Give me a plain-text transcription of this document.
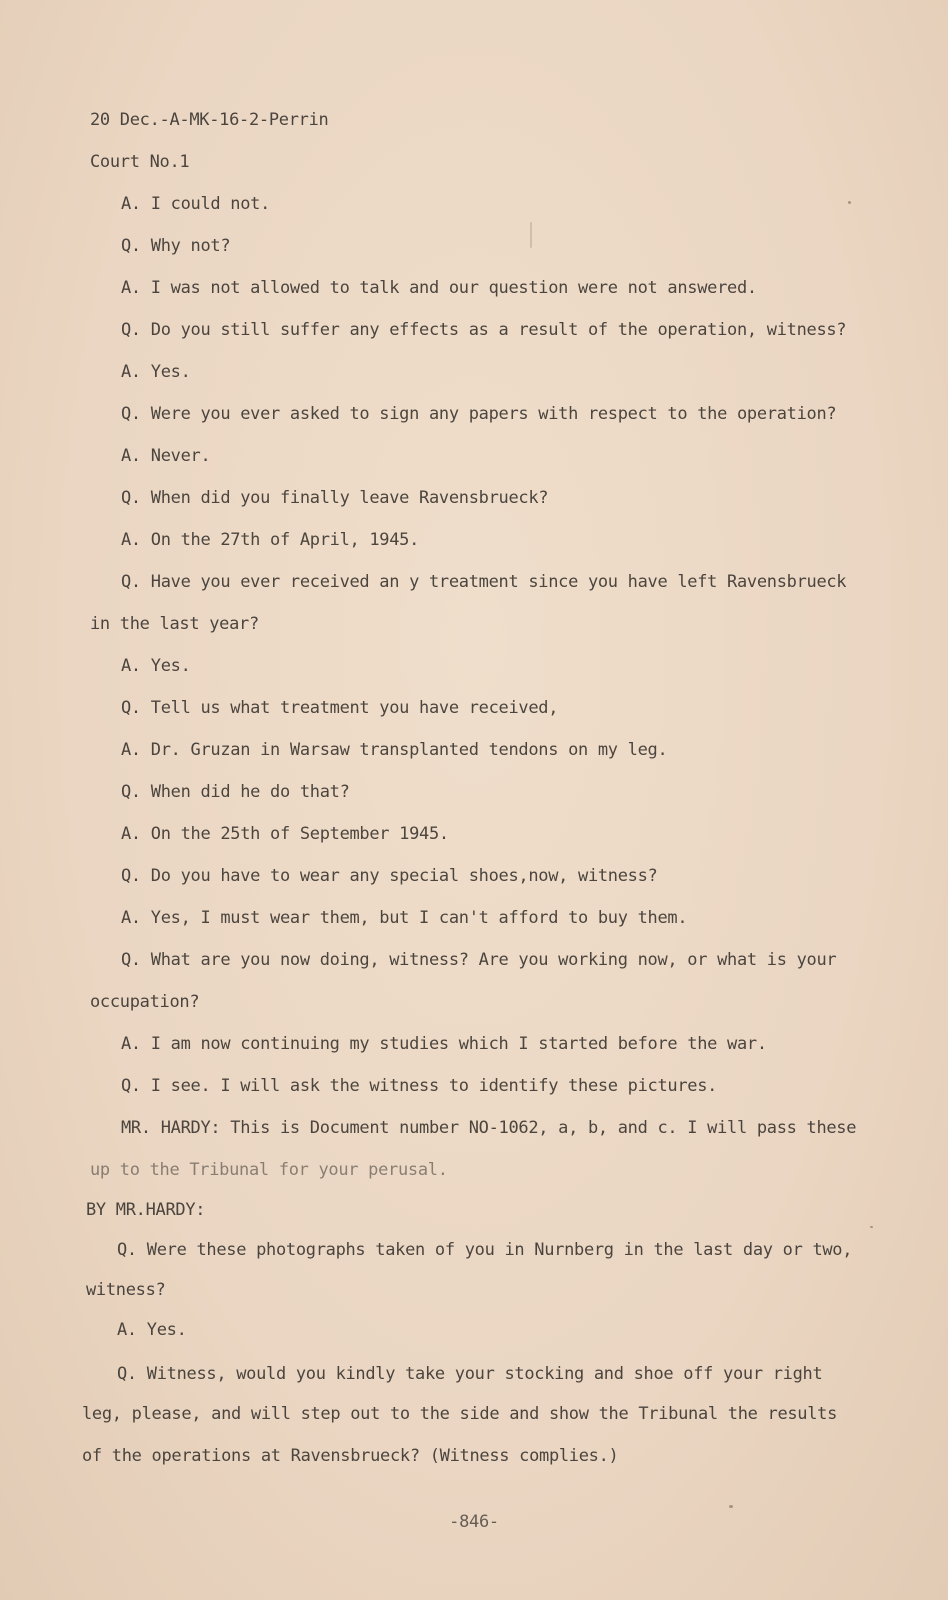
20 Dec.-A-MK-16-2-Perrin
Court No.1
A. I could not.
Q. Why not?
A. I was not allowed to talk and our question were not answered.
Q. Do you still suffer any effects as a result of the operation, witness?
A. Yes.
Q. Were you ever asked to sign any papers with respect to the operation?
A. Never.
Q. When did you finally leave Ravensbrueck?
A. On the 27th of April, 1945.
Q. Have you ever received an y treatment since you have left Ravensbrueck
in the last year?
A. Yes.
Q. Tell us what treatment you have received,
A. Dr. Gruzan in Warsaw transplanted tendons on my leg.
Q. When did he do that?
A. On the 25th of September 1945.
Q. Do you have to wear any special shoes,now, witness?
A. Yes, I must wear them, but I can't afford to buy them.
Q. What are you now doing, witness? Are you working now, or what is your
occupation?
A. I am now continuing my studies which I started before the war.
Q. I see. I will ask the witness to identify these pictures.
MR. HARDY: This is Document number NO-1062, a, b, and c. I will pass these
up to the Tribunal for your perusal.
BY MR.HARDY:
Q. Were these photographs taken of you in Nurnberg in the last day or two,
witness?
A. Yes.
Q. Witness, would you kindly take your stocking and shoe off your right
leg, please, and will step out to the side and show the Tribunal the results
of the operations at Ravensbrueck? (Witness complies.)
-846-
